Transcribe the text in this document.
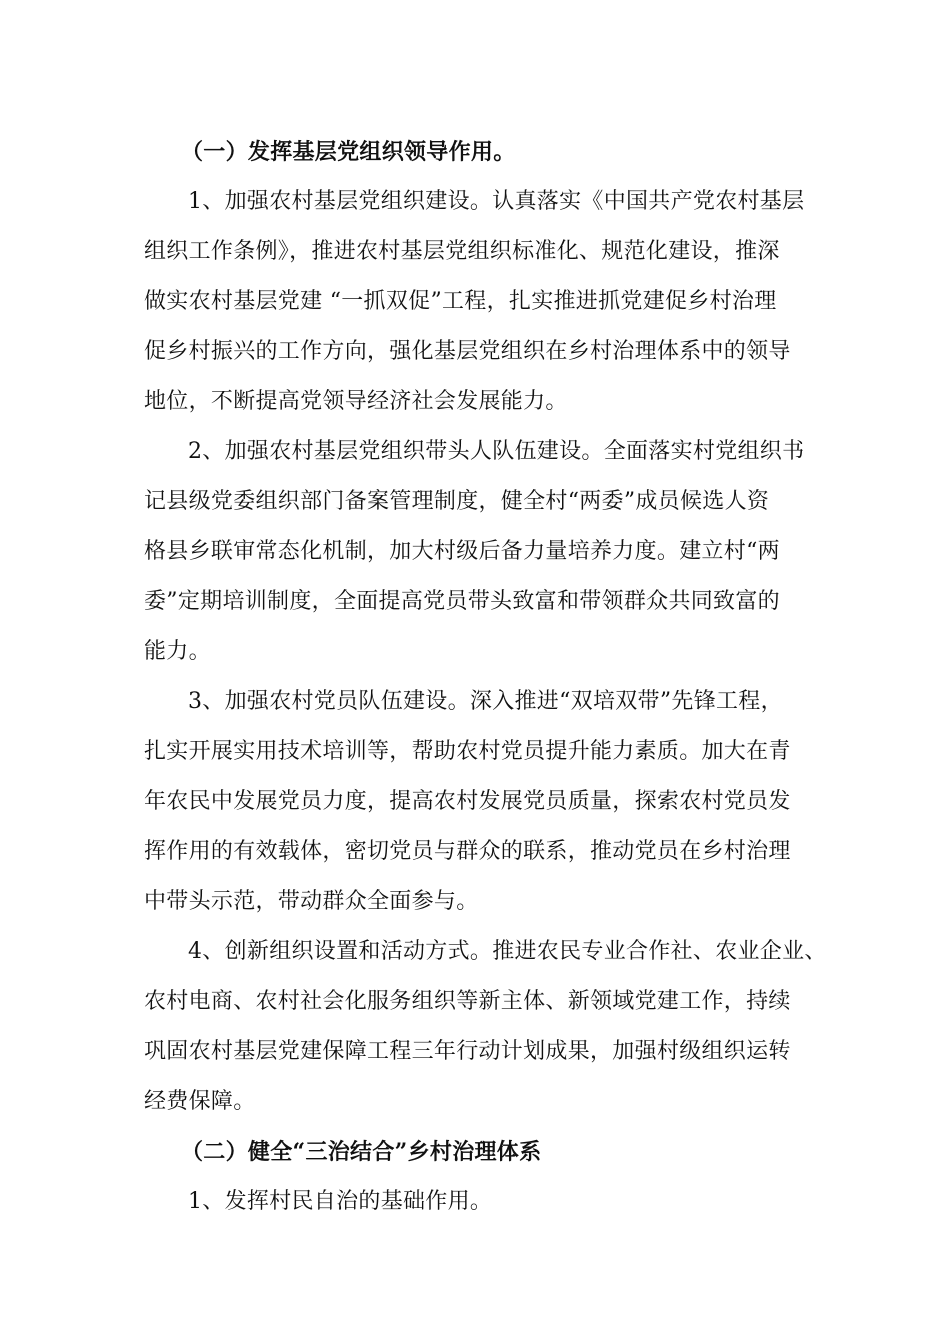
（一）发挥基层党组织领导作用。

1、加强农村基层党组织建设。认真落实《中国共产党农村基层
组织工作条例》，推进农村基层党组织标准化、规范化建设，推深
做实农村基层党建 “一抓双促”工程，扎实推进抓党建促乡村治理
促乡村振兴的工作方向，强化基层党组织在乡村治理体系中的领导
地位，不断提高党领导经济社会发展能力。

2、加强农村基层党组织带头人队伍建设。全面落实村党组织书
记县级党委组织部门备案管理制度，健全村“两委”成员候选人资
格县乡联审常态化机制，加大村级后备力量培养力度。建立村“两
委”定期培训制度，全面提高党员带头致富和带领群众共同致富的
能力。

3、加强农村党员队伍建设。深入推进“双培双带”先锋工程，
扎实开展实用技术培训等，帮助农村党员提升能力素质。加大在青
年农民中发展党员力度，提高农村发展党员质量，探索农村党员发
挥作用的有效载体，密切党员与群众的联系，推动党员在乡村治理
中带头示范，带动群众全面参与。

4、创新组织设置和活动方式。推进农民专业合作社、农业企业、
农村电商、农村社会化服务组织等新主体、新领域党建工作，持续
巩固农村基层党建保障工程三年行动计划成果，加强村级组织运转
经费保障。

（二）健全“三治结合”乡村治理体系

1、发挥村民自治的基础作用。
